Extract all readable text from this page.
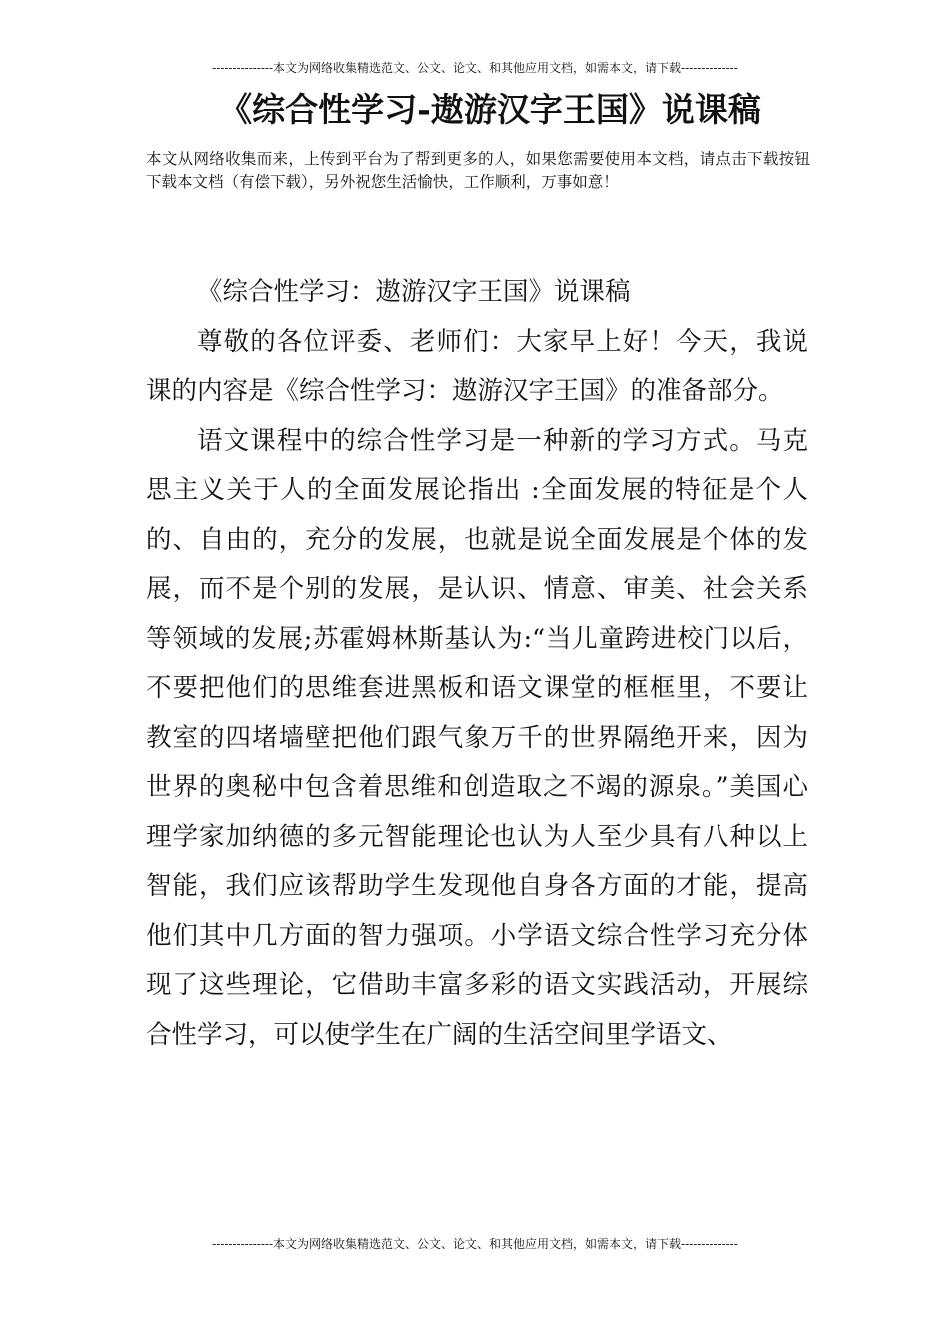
---------------本文为网络收集精选范文、公文、论文、和其他应用文档，如需本文，请下载--------------
《综合性学习-遨游汉字王国》说课稿
本文从网络收集而来，上传到平台为了帮到更多的人，如果您需要使用本文档，请点击下载按钮下载本文档（有偿下载），另外祝您生活愉快，工作顺利，万事如意！

《综合性学习：遨游汉字王国》说课稿

尊敬的各位评委、老师们：大家早上好！今天，我说课的内容是《综合性学习：遨游汉字王国》的准备部分。

语文课程中的综合性学习是一种新的学习方式。马克思主义关于人的全面发展论指出 :全面发展的特征是个人的、自由的，充分的发展，也就是说全面发展是个体的发展，而不是个别的发展，是认识、情意、审美、社会关系等领域的发展;苏霍姆林斯基认为:“当儿童跨进校门以后，不要把他们的思维套进黑板和语文课堂的框框里，不要让教室的四堵墙壁把他们跟气象万千的世界隔绝开来，因为世界的奥秘中包含着思维和创造取之不竭的源泉。”美国心理学家加纳德的多元智能理论也认为人至少具有八种以上智能，我们应该帮助学生发现他自身各方面的才能，提高他们其中几方面的智力强项。小学语文综合性学习充分体现了这些理论，它借助丰富多彩的语文实践活动，开展综合性学习，可以使学生在广阔的生活空间里学语文、

---------------本文为网络收集精选范文、公文、论文、和其他应用文档，如需本文，请下载--------------
